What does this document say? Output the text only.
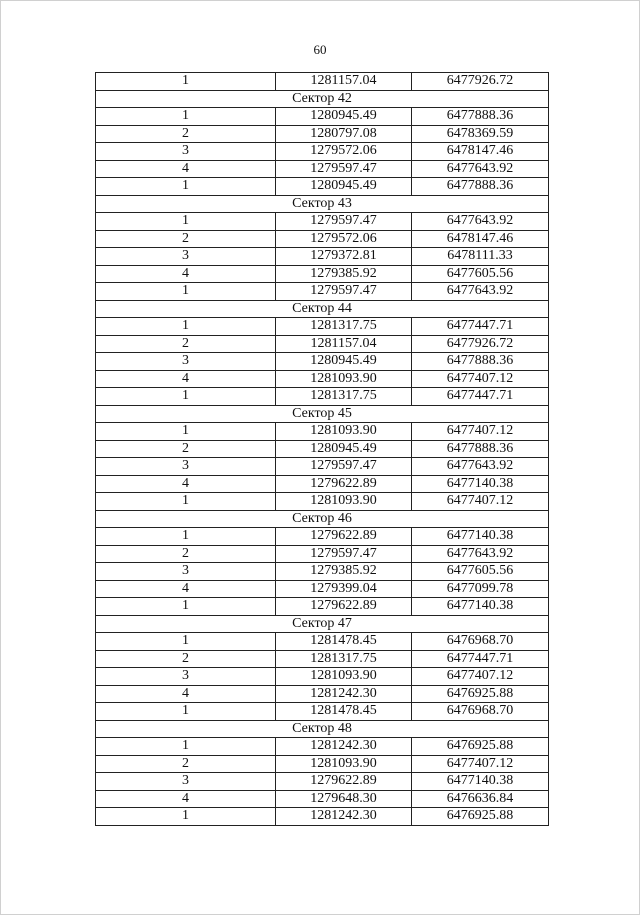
60
1	1281157.04	6477926.72
Сектор 42		
1	1280945.49	6477888.36
2	1280797.08	6478369.59
3	1279572.06	6478147.46
4	1279597.47	6477643.92
1	1280945.49	6477888.36
Сектор 43		
1	1279597.47	6477643.92
2	1279572.06	6478147.46
3	1279372.81	6478111.33
4	1279385.92	6477605.56
1	1279597.47	6477643.92
Сектор 44		
1	1281317.75	6477447.71
2	1281157.04	6477926.72
3	1280945.49	6477888.36
4	1281093.90	6477407.12
1	1281317.75	6477447.71
Сектор 45		
1	1281093.90	6477407.12
2	1280945.49	6477888.36
3	1279597.47	6477643.92
4	1279622.89	6477140.38
1	1281093.90	6477407.12
Сектор 46		
1	1279622.89	6477140.38
2	1279597.47	6477643.92
3	1279385.92	6477605.56
4	1279399.04	6477099.78
1	1279622.89	6477140.38
Сектор 47		
1	1281478.45	6476968.70
2	1281317.75	6477447.71
3	1281093.90	6477407.12
4	1281242.30	6476925.88
1	1281478.45	6476968.70
Сектор 48		
1	1281242.30	6476925.88
2	1281093.90	6477407.12
3	1279622.89	6477140.38
4	1279648.30	6476636.84
1	1281242.30	6476925.88
